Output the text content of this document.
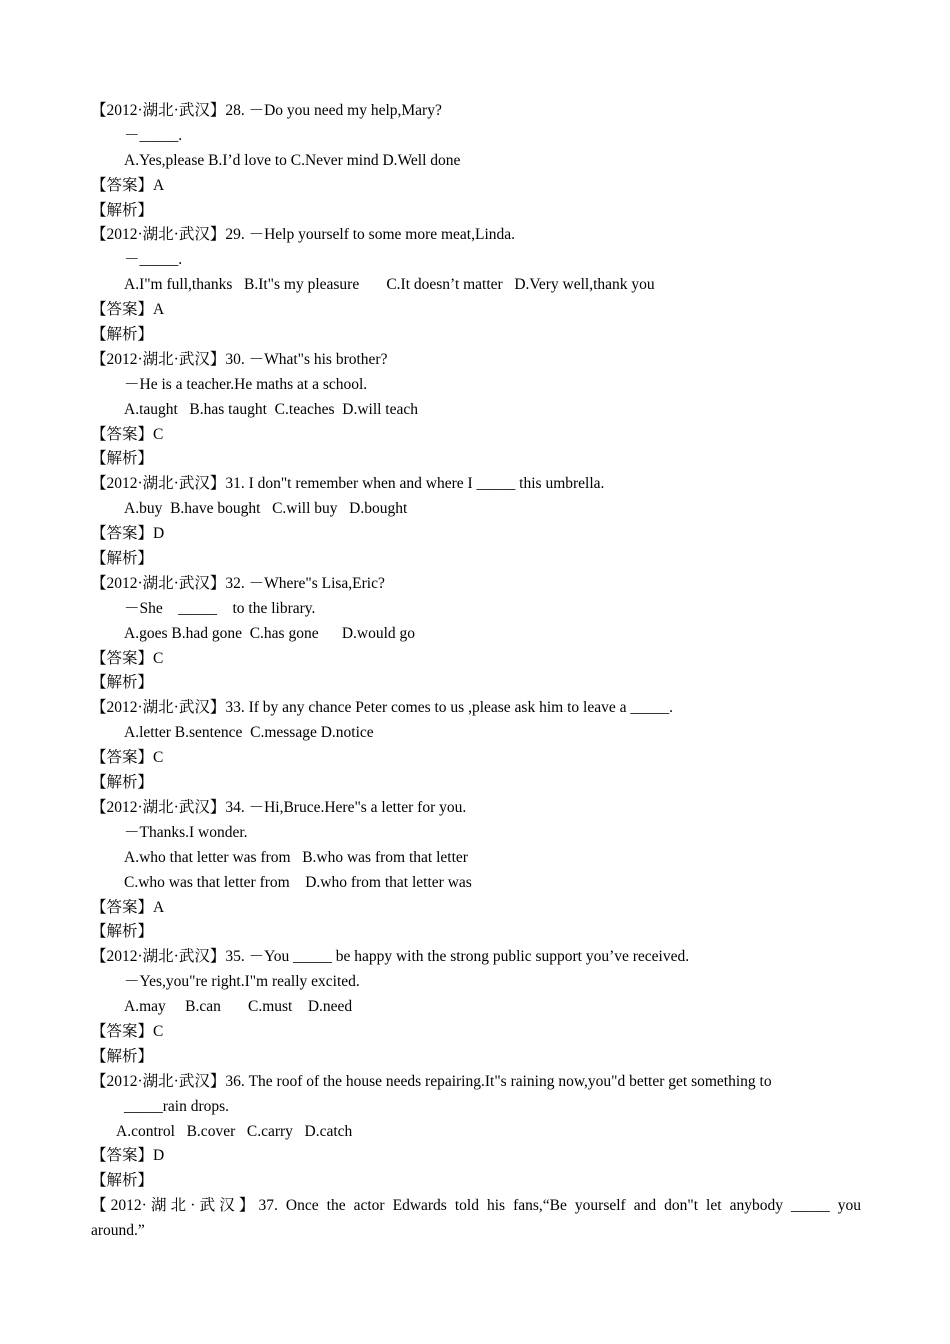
【2012·湖北·武汉】28. －Do you need my help,Mary?
－_____.
A.Yes,please B.I’d love to C.Never mind D.Well done
【答案】A
【解析】
【2012·湖北·武汉】29. －Help yourself to some more meat,Linda.
－_____.
A.I"m full,thanks   B.It"s my pleasure       C.It doesn’t matter   D.Very well,thank you
【答案】A
【解析】
【2012·湖北·武汉】30. －What"s his brother?
－He is a teacher.He maths at a school.
A.taught   B.has taught  C.teaches  D.will teach
【答案】C
【解析】
【2012·湖北·武汉】31. I don"t remember when and where I _____ this umbrella.
A.buy  B.have bought   C.will buy   D.bought
【答案】D
【解析】
【2012·湖北·武汉】32. －Where"s Lisa,Eric?
－She    _____    to the library.
A.goes B.had gone  C.has gone      D.would go
【答案】C
【解析】
【2012·湖北·武汉】33. If by any chance Peter comes to us ,please ask him to leave a _____.
A.letter B.sentence  C.message D.notice
【答案】C
【解析】
【2012·湖北·武汉】34. －Hi,Bruce.Here"s a letter for you.
－Thanks.I wonder.
A.who that letter was from   B.who was from that letter
C.who was that letter from    D.who from that letter was
【答案】A
【解析】
【2012·湖北·武汉】35. －You _____ be happy with the strong public support you’ve received.
－Yes,you"re right.I"m really excited.
A.may     B.can       C.must    D.need
【答案】C
【解析】
【2012·湖北·武汉】36. The roof of the house needs repairing.It"s raining now,you"d better get something to
_____rain drops.
A.control   B.cover   C.carry   D.catch
【答案】D
【解析】
【2012·湖北·武汉】37. Once the actor Edwards told his fans,“Be yourself and don"t let anybody _____ you
around.”
